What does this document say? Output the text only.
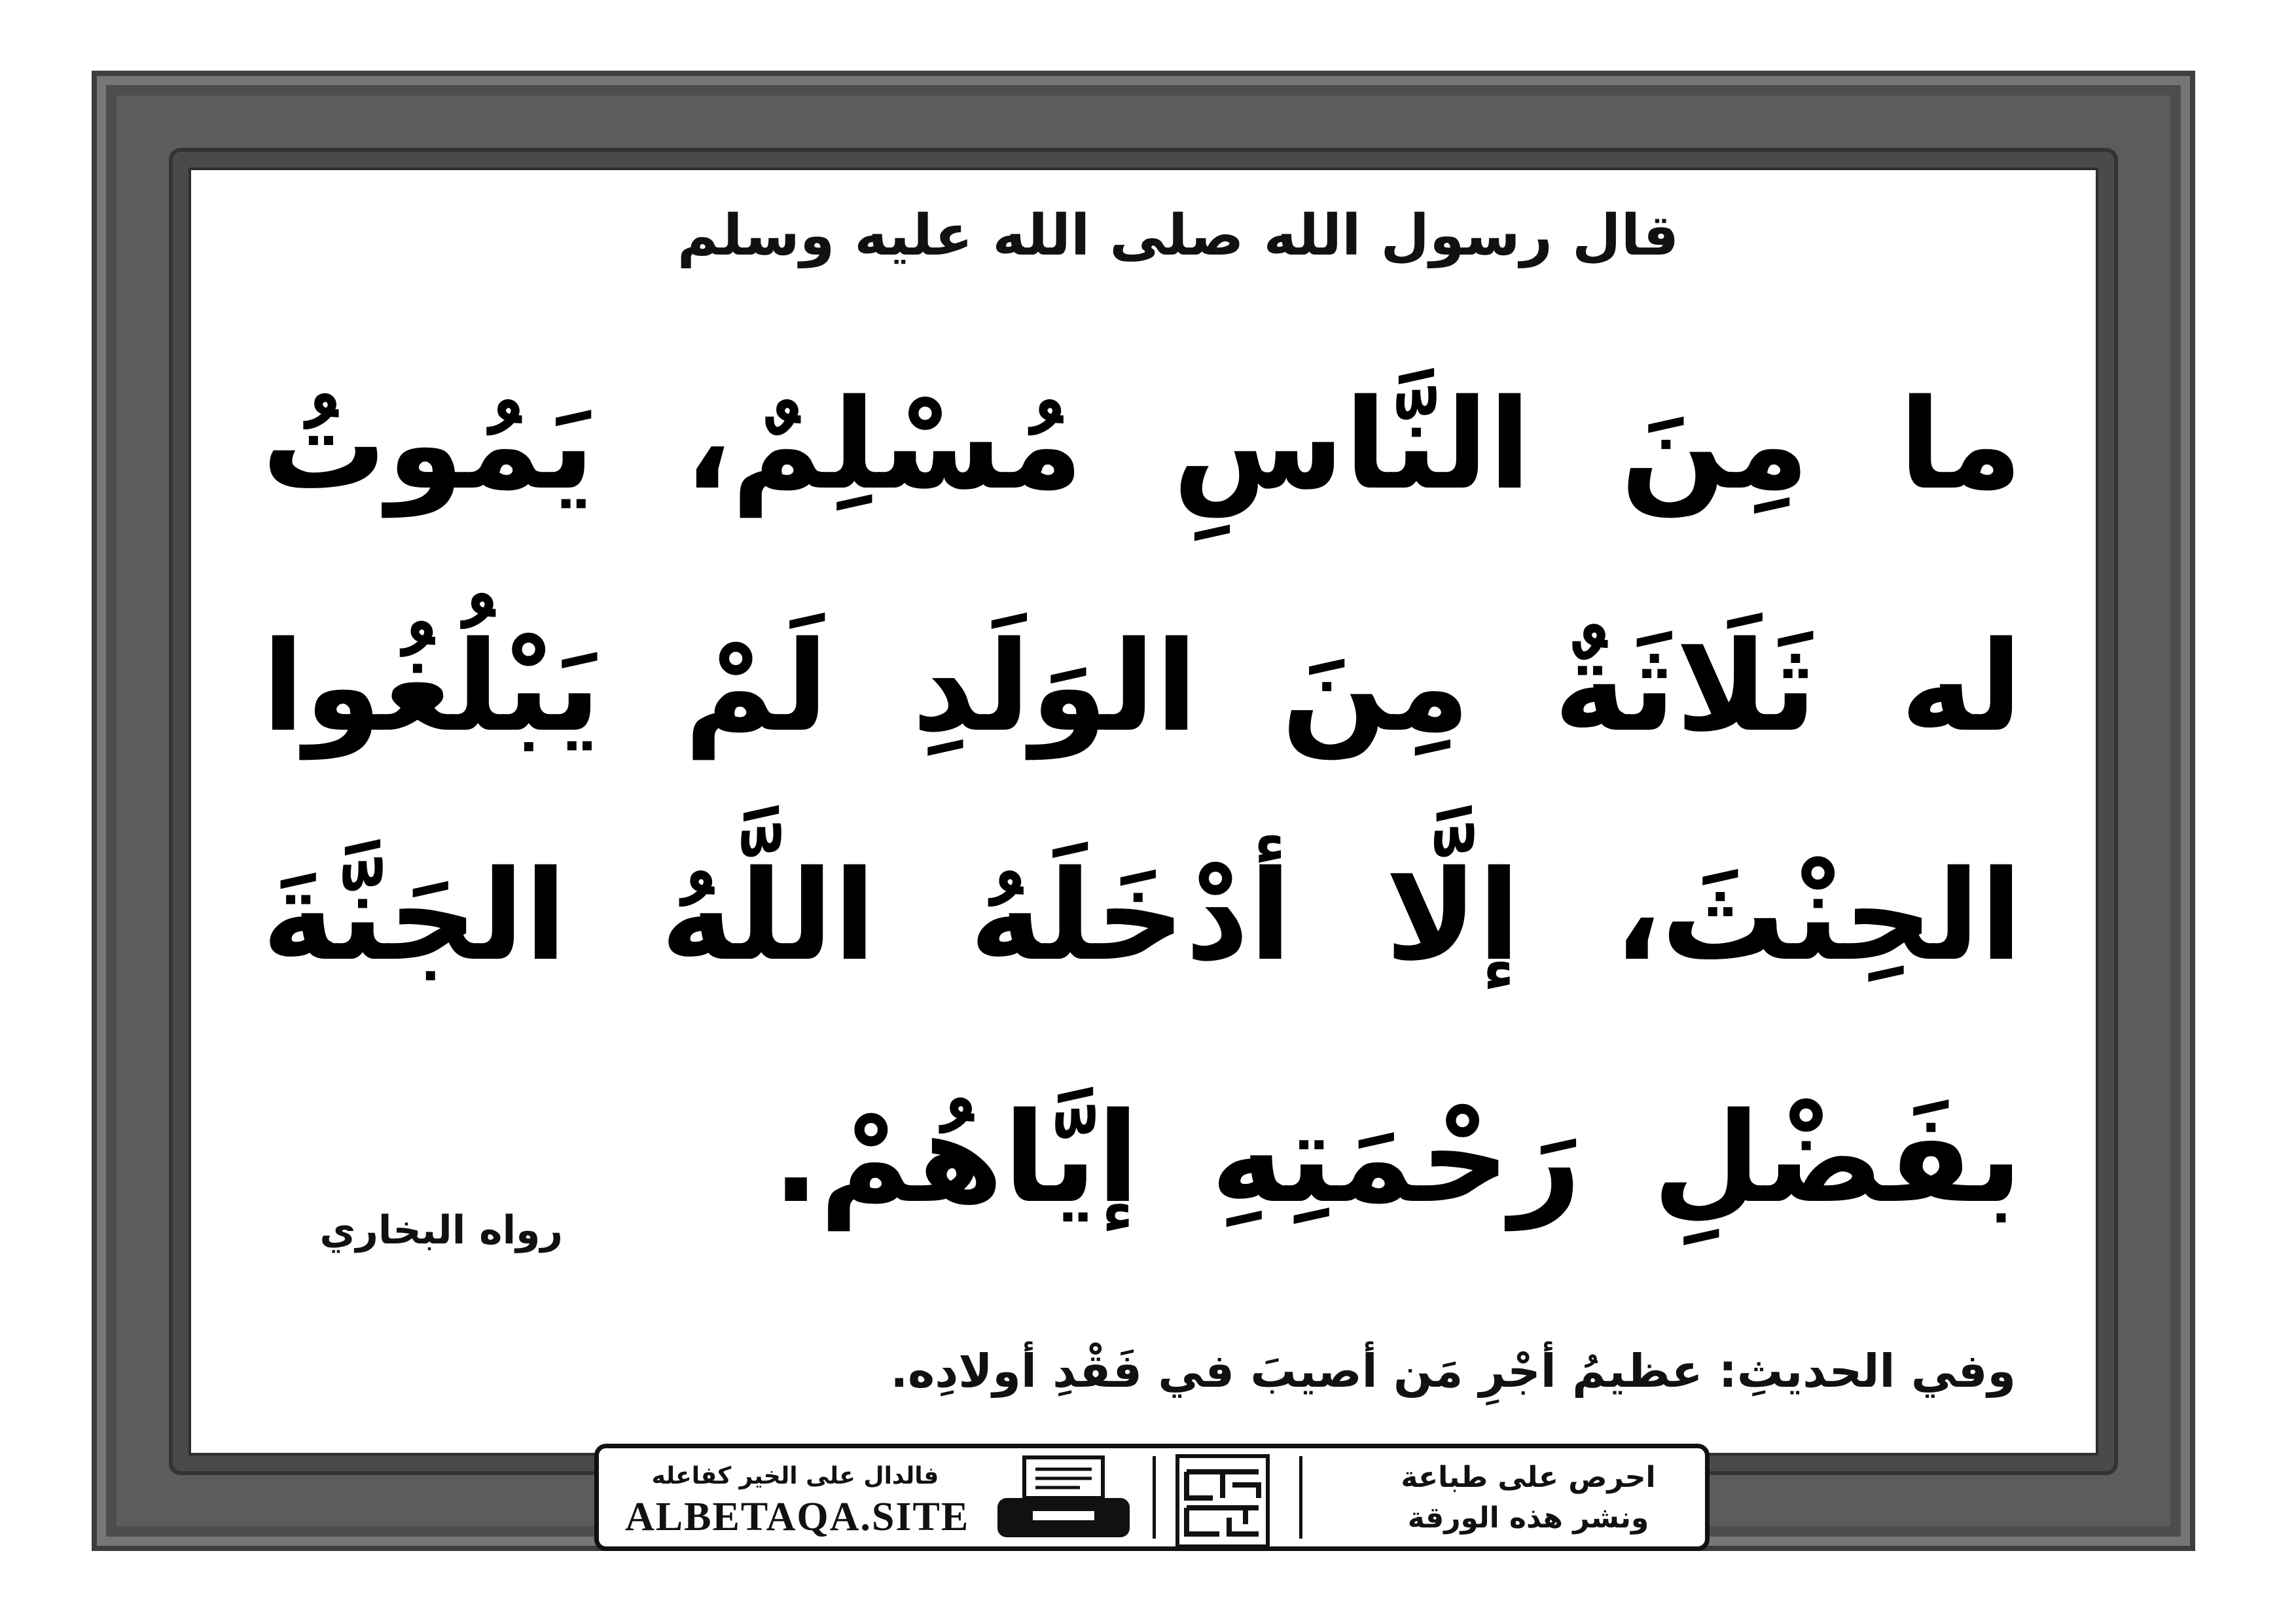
قال رسول الله صلى الله عليه وسلم
ما مِنَ النَّاسِ مُسْلِمٌ، يَمُوتُ
له ثَلَاثَةٌ مِنَ الوَلَدِ لَمْ يَبْلُغُوا
الحِنْثَ، إلَّا أدْخَلَهُ اللَّهُ الجَنَّةَ
بفَضْلِ رَحْمَتِهِ إيَّاهُمْ.
رواه البخاري
وفي الحديثِ: عظيمُ أجْرِ مَن أصيبَ في فَقْدِ أولادِه.
فالدال على الخير كفاعله
ALBETAQA.SITE
احرص على طباعة
ونشر هذه الورقة
